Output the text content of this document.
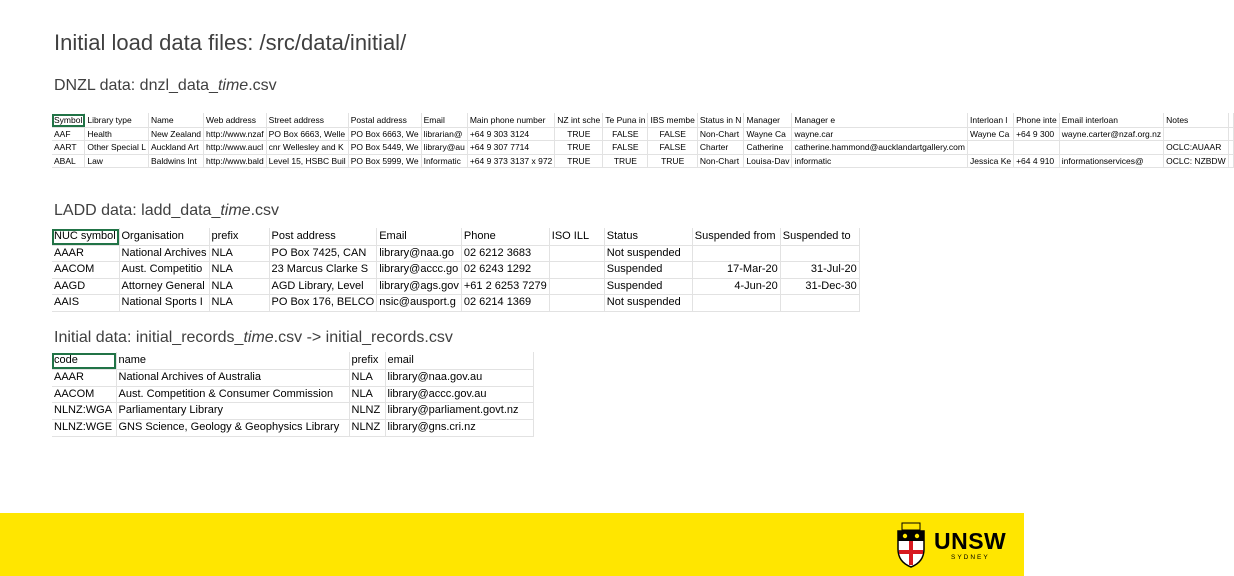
Initial load data files: /src/data/initial/
DNZL data: dnzl_data_time.csv
Symbol	Library type	Name	Web address	Street address	Postal address	Email	Main phone number	NZ int sche	Te Puna in	IBS membe	Status in N	Manager	Manager e	Interloan l	Phone inte	Email interloan	Notes	
AAF	Health	New Zealand	http://www.nzaf	PO Box 6663, Welle	PO Box 6663, We	librarian@	+64 9 303 3124	TRUE	FALSE	FALSE	Non-Chart	Wayne Ca	wayne.car	Wayne Ca	+64 9 300	wayne.carter@nzaf.org.nz		
AART	Other Special L	Auckland Art	http://www.aucl	cnr Wellesley and K	PO Box 5449, We	library@au	+64 9 307 7714	TRUE	FALSE	FALSE	Charter	Catherine	catherine.hammond@aucklandartgallery.com				OCLC:AUAAR	
ABAL	Law	Baldwins Int	http://www.bald	Level 15, HSBC Buil	PO Box 5999, We	Informatic	+64 9 373 3137 x 972	TRUE	TRUE	TRUE	Non-Chart	Louisa-Dav	informatic	Jessica Ke	+64 4 910	informationservices@	OCLC: NZBDW	
LADD data: ladd_data_time.csv
NUC symbol	Organisation	prefix	Post address	Email	Phone	ISO ILL	Status	Suspended from	Suspended to
AAAR	National Archives	NLA	PO Box 7425, CAN	library@naa.go	02 6212 3683		Not suspended		
AACOM	Aust. Competitio	NLA	23 Marcus Clarke S	library@accc.go	02 6243 1292		Suspended	17-Mar-20	31-Jul-20
AAGD	Attorney General	NLA	AGD Library, Level	library@ags.gov	+61 2 6253 7279		Suspended	4-Jun-20	31-Dec-30
AAIS	National Sports I	NLA	PO Box 176, BELCO	nsic@ausport.g	02 6214 1369		Not suspended		
Initial data: initial_records_time.csv -> initial_records.csv
code	name	prefix	email
AAAR	National Archives of Australia	NLA	library@naa.gov.au
AACOM	Aust. Competition & Consumer Commission	NLA	library@accc.gov.au
NLNZ:WGA	Parliamentary Library	NLNZ	library@parliament.govt.nz
NLNZ:WGE	GNS Science, Geology & Geophysics Library	NLNZ	library@gns.cri.nz
UNSW
SYDNEY
